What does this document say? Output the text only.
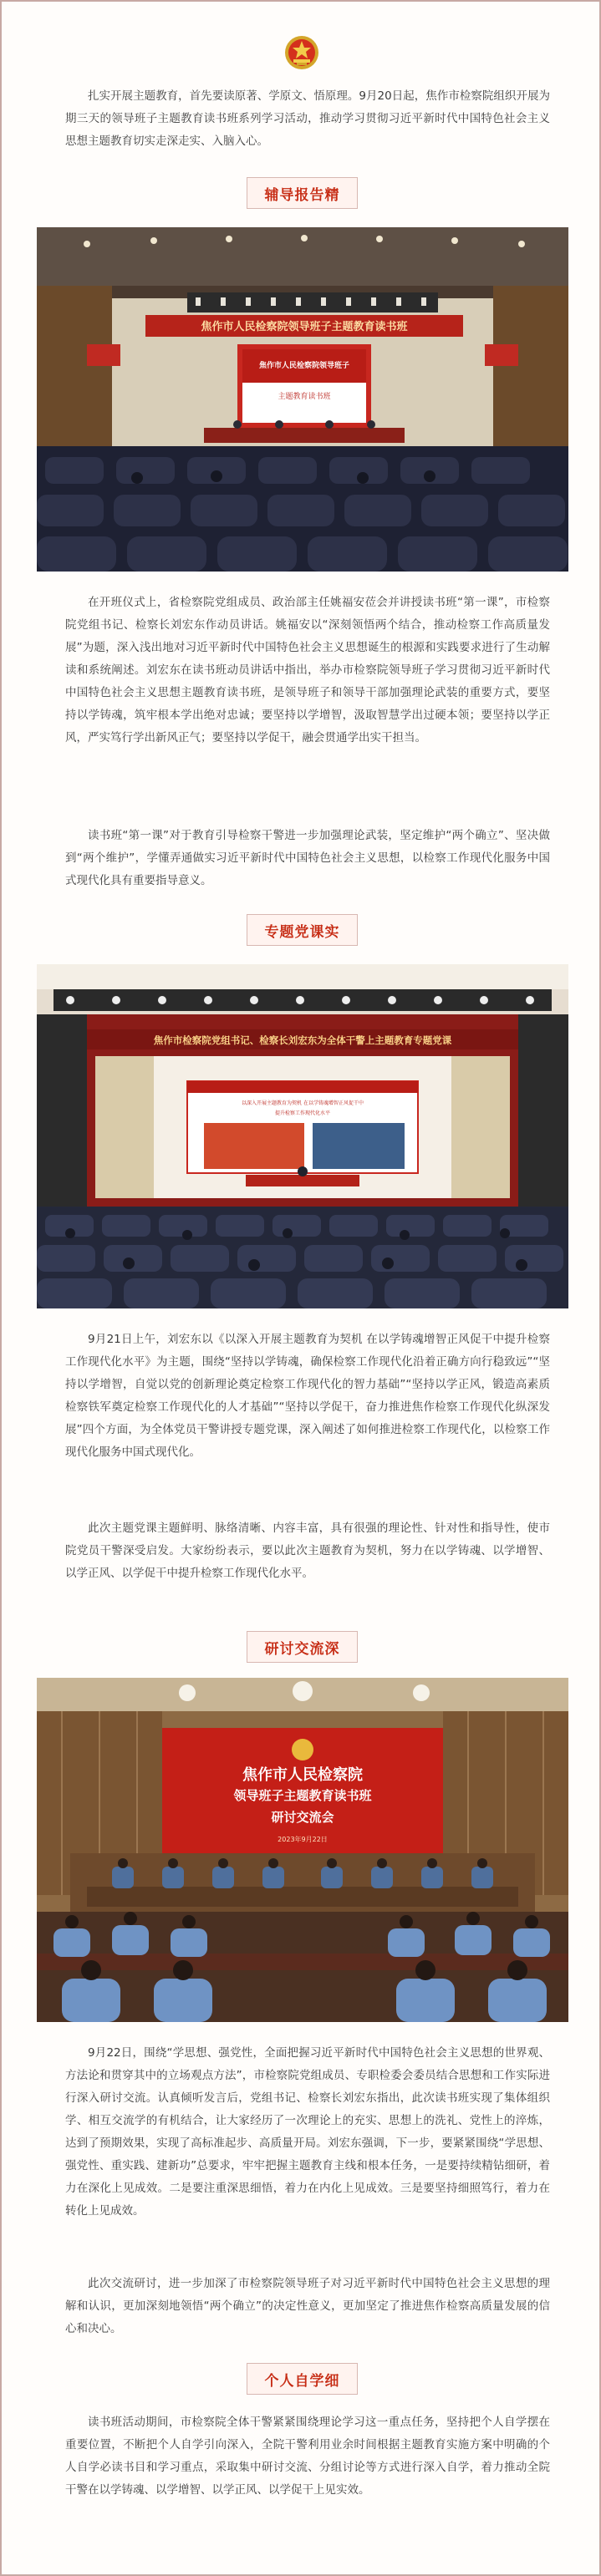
扎实开展主题教育，首先要读原著、学原文、悟原理。9月20日起，焦作市检察院组织开展为期三天的领导班子主题教育读书班系列学习活动，推动学习贯彻习近平新时代中国特色社会主义思想主题教育切实走深走实、入脑入心。

辅导报告精
焦作市人民检察院领导班子主题教育读书班
焦作市人民检察院领导班子
主题教育读书班

在开班仪式上，省检察院党组成员、政治部主任姚福安莅会并讲授读书班“第一课”，市检察院党组书记、检察长刘宏东作动员讲话。姚福安以“深刻领悟两个结合，推动检察工作高质量发展”为题，深入浅出地对习近平新时代中国特色社会主义思想诞生的根源和实践要求进行了生动解读和系统阐述。刘宏东在读书班动员讲话中指出，举办市检察院领导班子学习贯彻习近平新时代中国特色社会主义思想主题教育读书班，是领导班子和领导干部加强理论武装的重要方式，要坚持以学铸魂，筑牢根本学出绝对忠诚；要坚持以学增智，汲取智慧学出过硬本领；要坚持以学正风，严实笃行学出新风正气；要坚持以学促干，融会贯通学出实干担当。

读书班“第一课”对于教育引导检察干警进一步加强理论武装，坚定维护“两个确立”、坚决做到“两个维护”，学懂弄通做实习近平新时代中国特色社会主义思想，以检察工作现代化服务中国式现代化具有重要指导意义。

专题党课实
焦作市检察院党组书记、检察长刘宏东为全体干警上主题教育专题党课
以深入开展主题教育为契机 在以学铸魂增智正风促干中
提升检察工作现代化水平

9月21日上午，刘宏东以《以深入开展主题教育为契机 在以学铸魂增智正风促干中提升检察工作现代化水平》为主题，围绕“坚持以学铸魂，确保检察工作现代化沿着正确方向行稳致远”“坚持以学增智，自觉以党的创新理论奠定检察工作现代化的智力基础”“坚持以学正风，锻造高素质检察铁军奠定检察工作现代化的人才基础”“坚持以学促干，奋力推进焦作检察工作现代化纵深发展”四个方面，为全体党员干警讲授专题党课，深入阐述了如何推进检察工作现代化，以检察工作现代化服务中国式现代化。

此次主题党课主题鲜明、脉络清晰、内容丰富，具有很强的理论性、针对性和指导性，使市院党员干警深受启发。大家纷纷表示，要以此次主题教育为契机，努力在以学铸魂、以学增智、以学正风、以学促干中提升检察工作现代化水平。

研讨交流深
焦作市人民检察院
领导班子主题教育读书班
研讨交流会
2023年9月22日

9月22日，围绕“学思想、强党性，全面把握习近平新时代中国特色社会主义思想的世界观、方法论和贯穿其中的立场观点方法”，市检察院党组成员、专职检委会委员结合思想和工作实际进行深入研讨交流。认真倾听发言后，党组书记、检察长刘宏东指出，此次读书班实现了集体组织学、相互交流学的有机结合，让大家经历了一次理论上的充实、思想上的洗礼、党性上的淬炼，达到了预期效果，实现了高标准起步、高质量开局。刘宏东强调，下一步，要紧紧围绕“学思想、强党性、重实践、建新功”总要求，牢牢把握主题教育主线和根本任务，一是要持续精钻细研，着力在深化上见成效。二是要注重深思细悟，着力在内化上见成效。三是要坚持细照笃行，着力在转化上见成效。

此次交流研讨，进一步加深了市检察院领导班子对习近平新时代中国特色社会主义思想的理解和认识，更加深刻地领悟“两个确立”的决定性意义，更加坚定了推进焦作检察高质量发展的信心和决心。

个人自学细

读书班活动期间，市检察院全体干警紧紧围绕理论学习这一重点任务，坚持把个人自学摆在重要位置，不断把个人自学引向深入，全院干警利用业余时间根据主题教育实施方案中明确的个人自学必读书目和学习重点，采取集中研讨交流、分组讨论等方式进行深入自学，着力推动全院干警在以学铸魂、以学增智、以学正风、以学促干上见实效。
